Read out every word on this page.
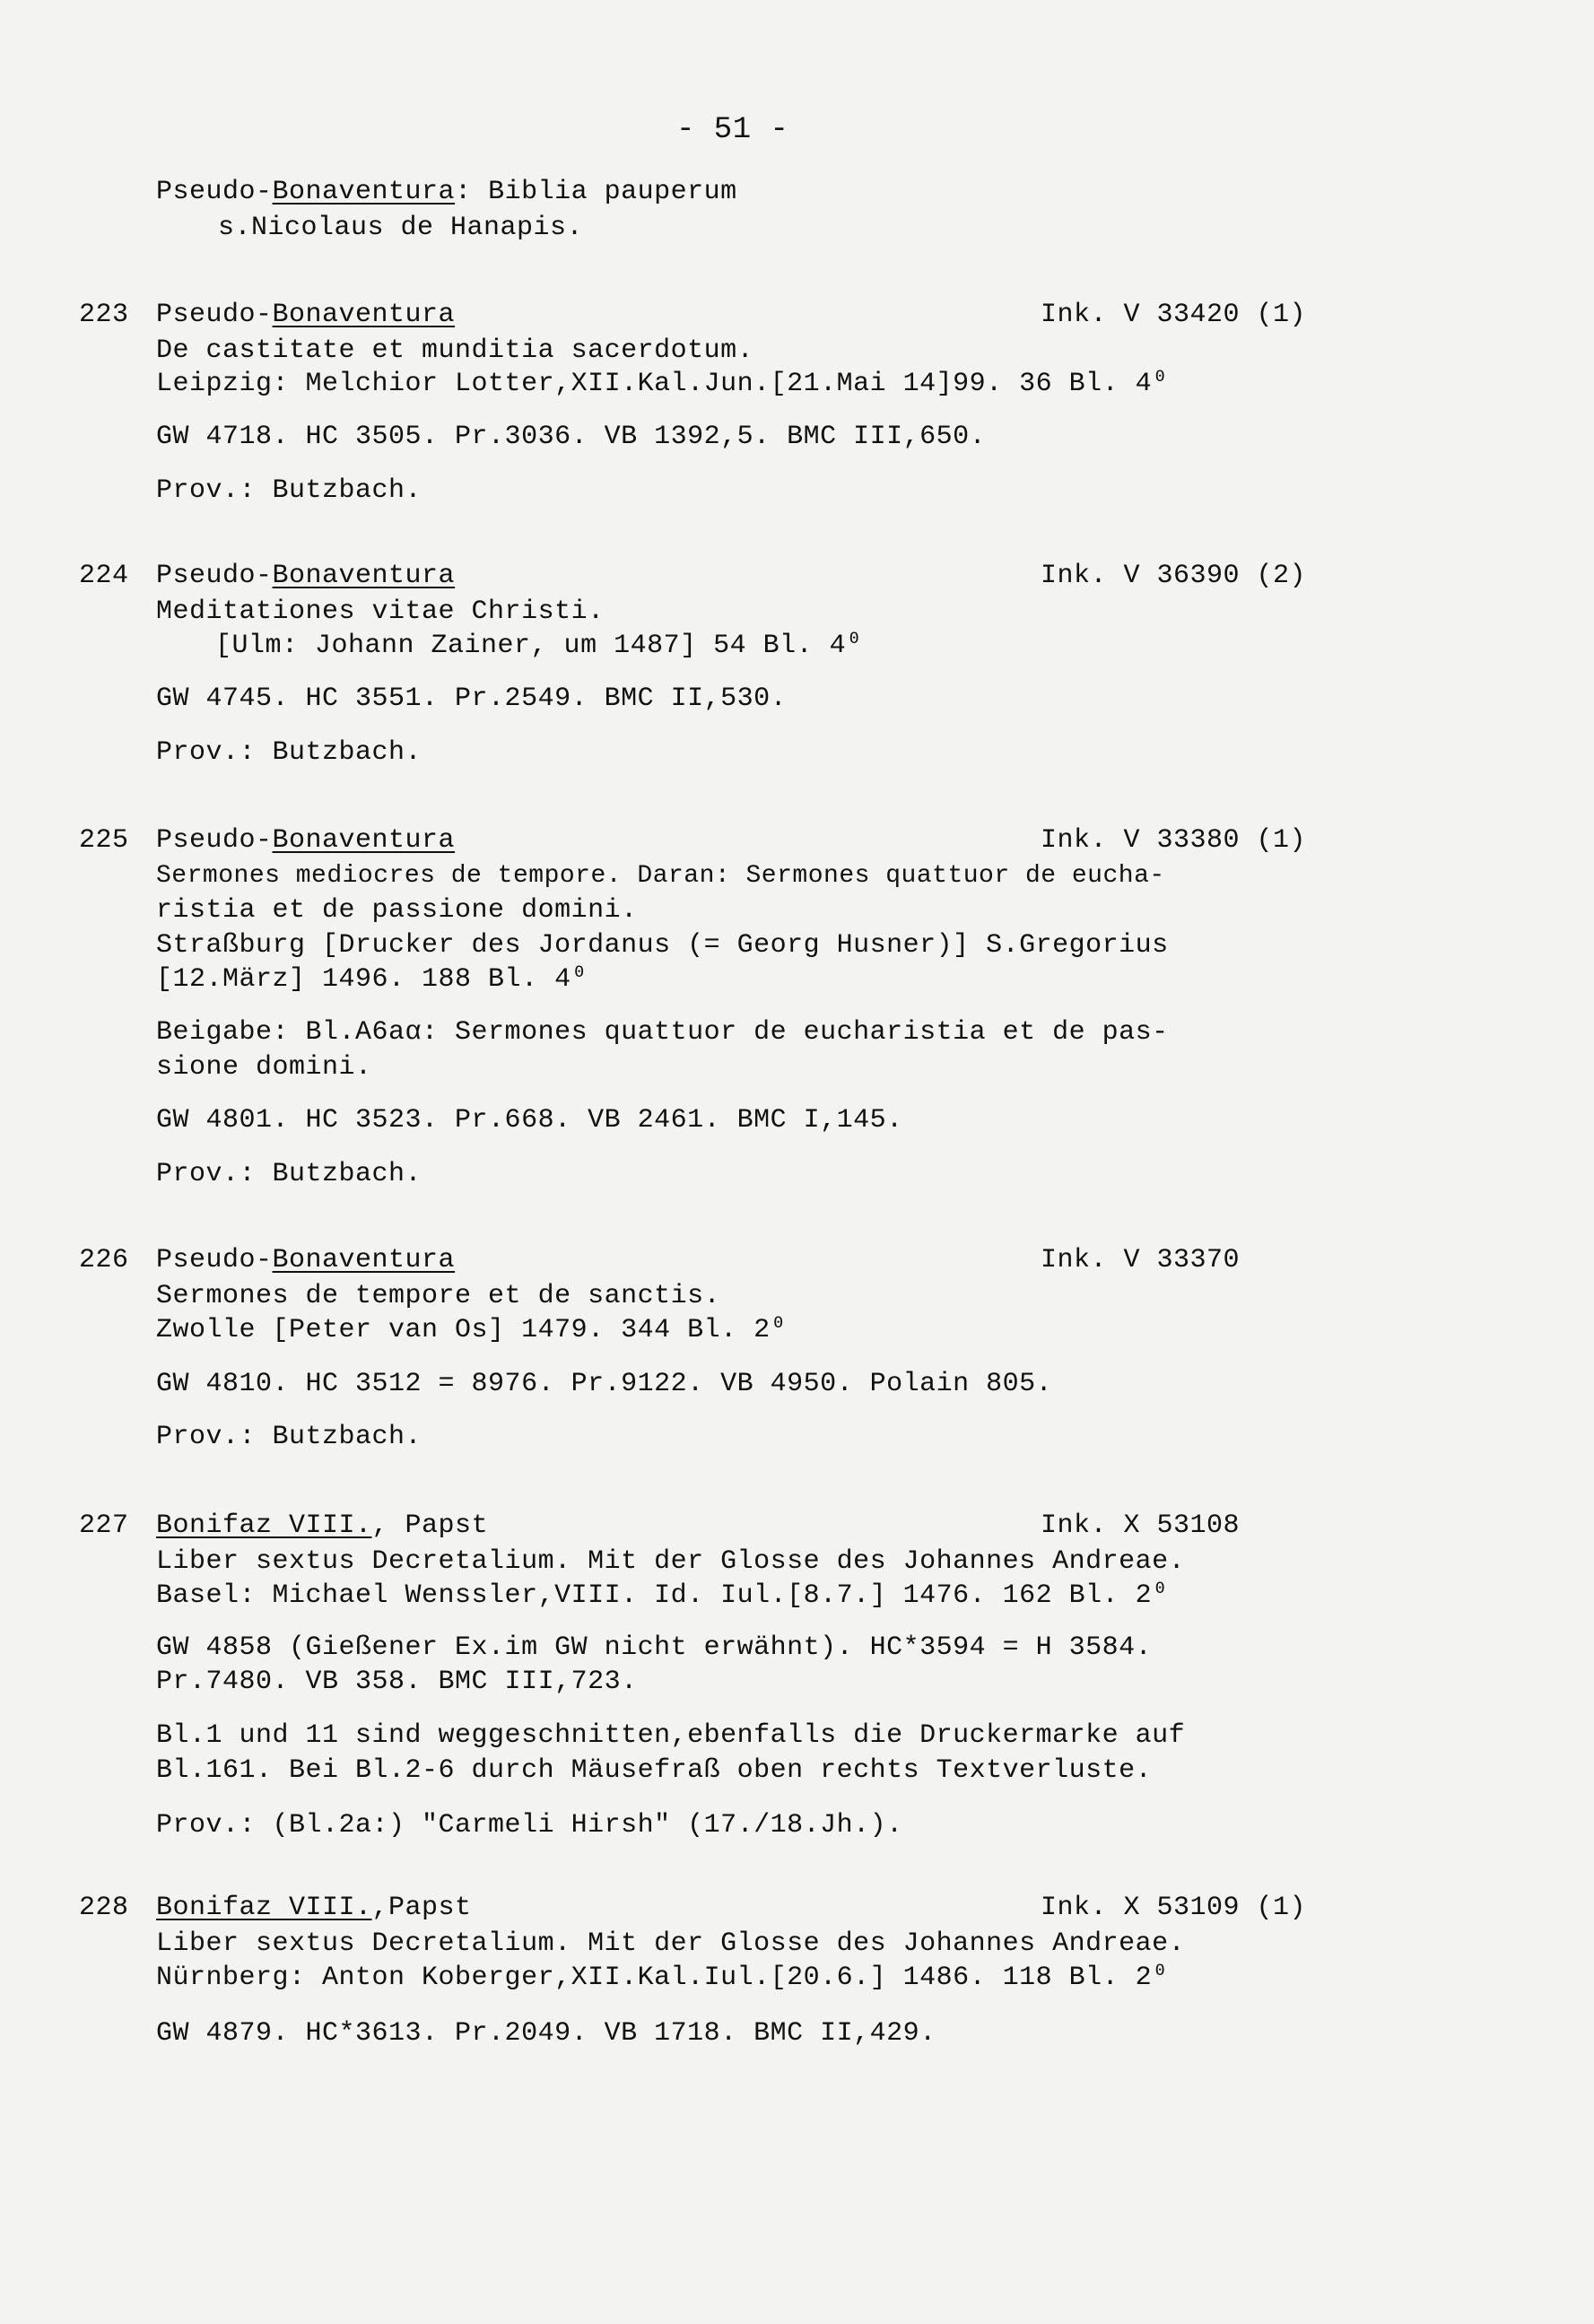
- 51 -
Pseudo-Bonaventura: Biblia pauperum
s.Nicolaus de Hanapis.
223 Pseudo-Bonaventura	Ink. V 33420 (1)
De castitate et munditia sacerdotum.
Leipzig: Melchior Lotter,XII.Kal.Jun.[21.Mai 14]99. 36 Bl. 4⁰
GW 4718. HC 3505. Pr.3036. VB 1392,5. BMC III,650.
Prov.: Butzbach.
224 Pseudo-Bonaventura	Ink. V 36390 (2)
Meditationes vitae Christi.
[Ulm: Johann Zainer, um 1487] 54 Bl. 4⁰
GW 4745. HC 3551. Pr.2549. BMC II,530.
Prov.: Butzbach.
225 Pseudo-Bonaventura	Ink. V 33380 (1)
Sermones mediocres de tempore. Daran: Sermones quattuor de eucha-
ristia et de passione domini.
Straßburg [Drucker des Jordanus (= Georg Husner)] S.Gregorius
[12.März] 1496. 188 Bl. 4⁰
Beigabe: Bl.A6aα: Sermones quattuor de eucharistia et de pas-
sione domini.
GW 4801. HC 3523. Pr.668. VB 2461. BMC I,145.
Prov.: Butzbach.
226 Pseudo-Bonaventura	Ink. V 33370
Sermones de tempore et de sanctis.
Zwolle [Peter van Os] 1479. 344 Bl. 2⁰
GW 4810. HC 3512 = 8976. Pr.9122. VB 4950. Polain 805.
Prov.: Butzbach.
227 Bonifaz VIII., Papst	Ink. X 53108
Liber sextus Decretalium. Mit der Glosse des Johannes Andreae.
Basel: Michael Wenssler,VIII. Id. Iul.[8.7.] 1476. 162 Bl. 2⁰
GW 4858 (Gießener Ex.im GW nicht erwähnt). HC*3594 = H 3584.
Pr.7480. VB 358. BMC III,723.
Bl.1 und 11 sind weggeschnitten,ebenfalls die Druckermarke auf
Bl.161. Bei Bl.2-6 durch Mäusefraß oben rechts Textverluste.
Prov.: (Bl.2a:) "Carmeli Hirsh" (17./18.Jh.).
228 Bonifaz VIII.,Papst	Ink. X 53109 (1)
Liber sextus Decretalium. Mit der Glosse des Johannes Andreae.
Nürnberg: Anton Koberger,XII.Kal.Iul.[20.6.] 1486. 118 Bl. 2⁰
GW 4879. HC*3613. Pr.2049. VB 1718. BMC II,429.
